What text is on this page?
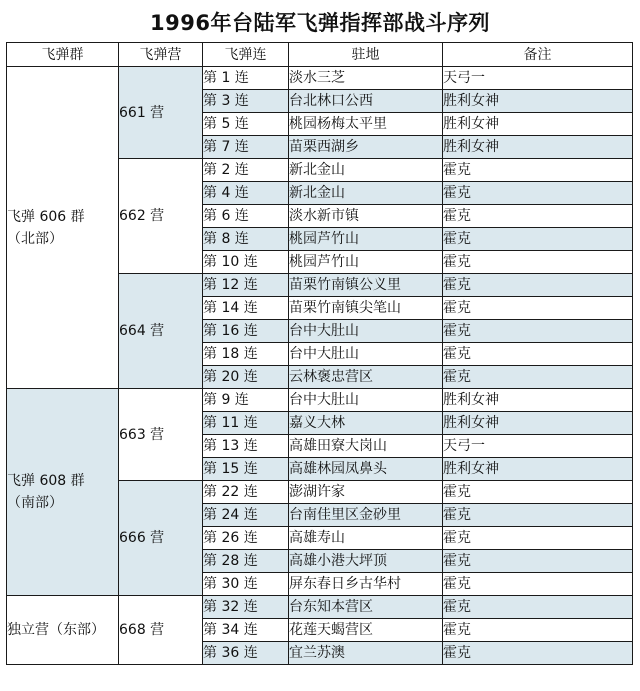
1996年台陆军飞弹指挥部战斗序列
飞弹群	飞弹营	飞弹连	驻地	备注

飞弹 606 群
（北部）	661 营	第 1 连	淡水三芝	天弓一
		第 3 连	台北林口公西	胜利女神
		第 5 连	桃园杨梅太平里	胜利女神
		第 7 连	苗栗西湖乡	胜利女神
	662 营	第 2 连	新北金山	霍克
		第 4 连	新北金山	霍克
		第 6 连	淡水新市镇	霍克
		第 8 连	桃园芦竹山	霍克
		第 10 连	桃园芦竹山	霍克
	664 营	第 12 连	苗栗竹南镇公义里	霍克
		第 14 连	苗栗竹南镇尖笔山	霍克
		第 16 连	台中大肚山	霍克
		第 18 连	台中大肚山	霍克
		第 20 连	云林褒忠营区	霍克

飞弹 608 群
（南部）	663 营	第 9 连	台中大肚山	胜利女神
		第 11 连	嘉义大林	胜利女神
		第 13 连	高雄田寮大岗山	天弓一
		第 15 连	高雄林园凤鼻头	胜利女神
	666 营	第 22 连	澎湖许家	霍克
		第 24 连	台南佳里区金砂里	霍克
		第 26 连	高雄寿山	霍克
		第 28 连	高雄小港大坪顶	霍克
		第 30 连	屏东春日乡古华村	霍克

独立营（东部）	668 营	第 32 连	台东知本营区	霍克
		第 34 连	花莲天蝎营区	霍克
		第 36 连	宜兰苏澳	霍克
